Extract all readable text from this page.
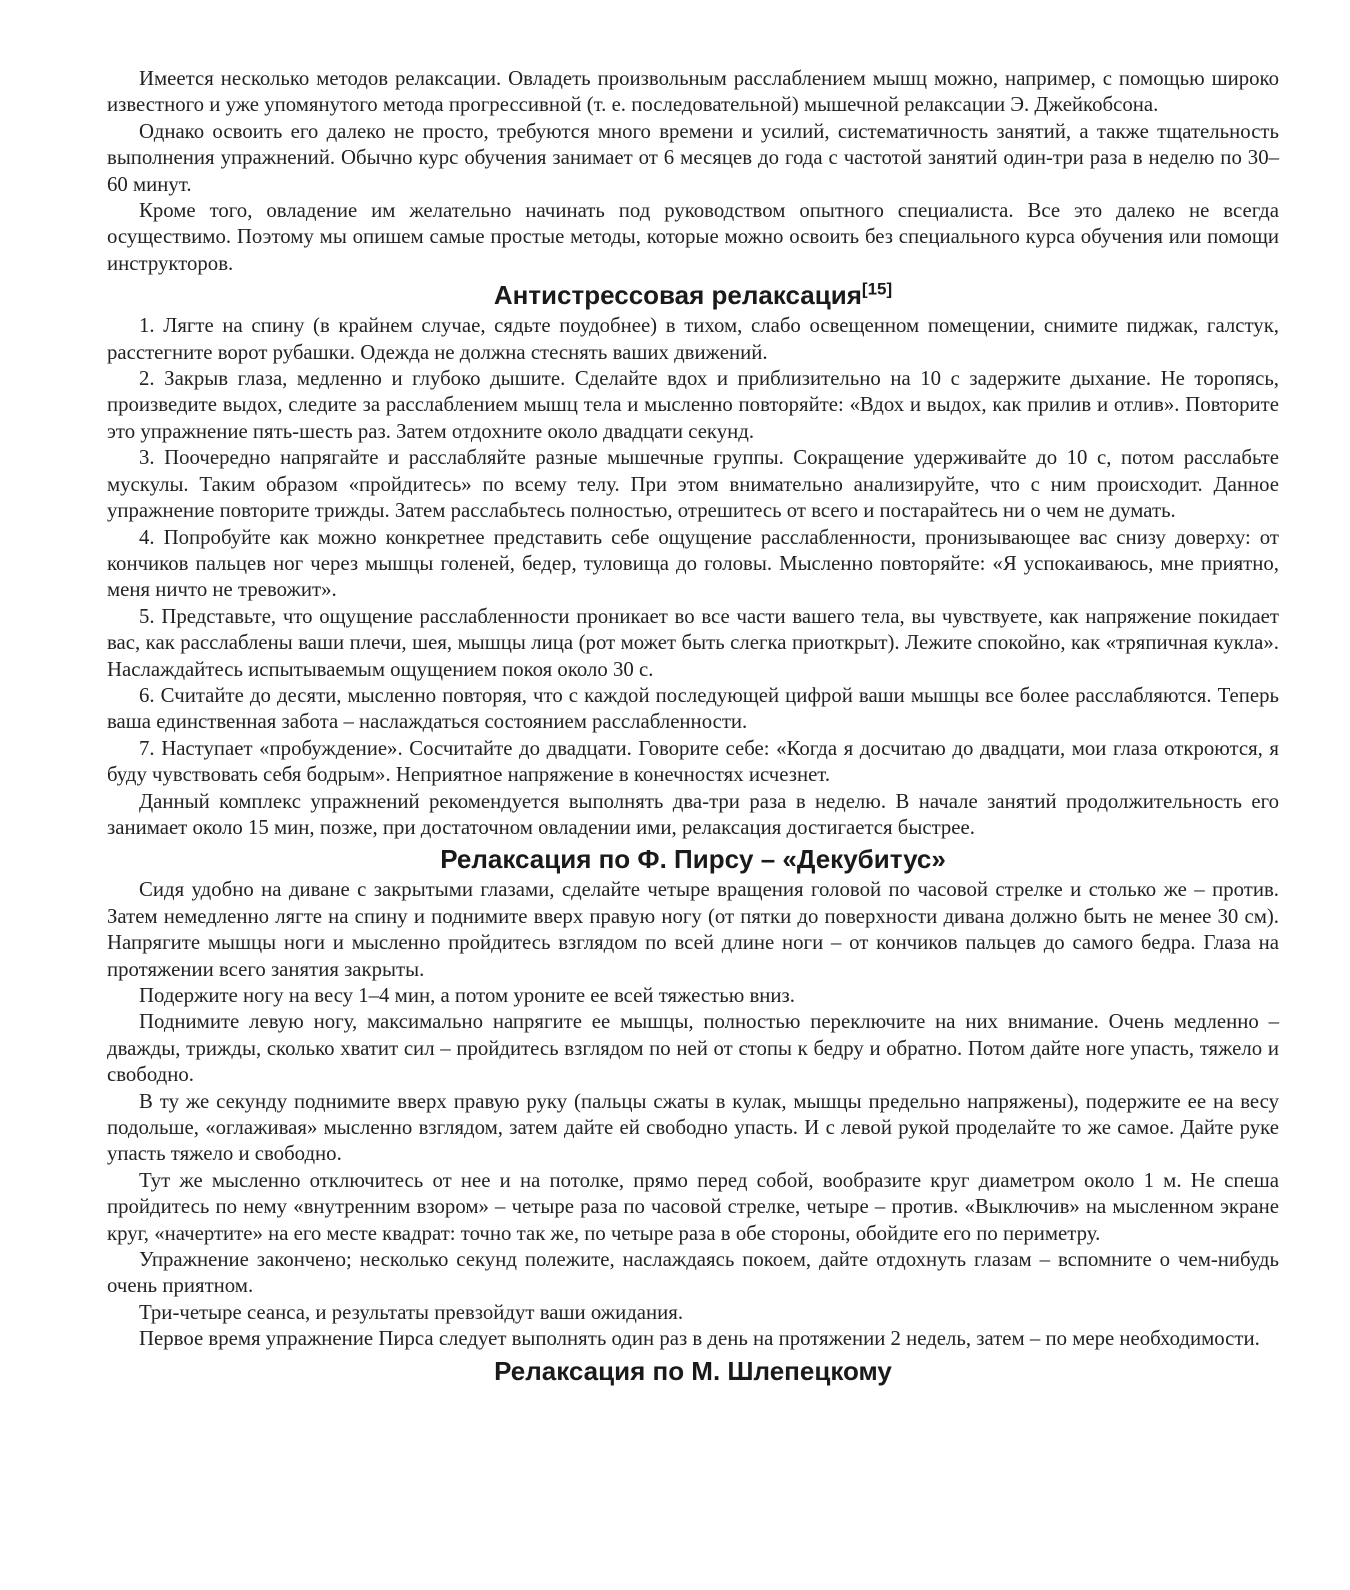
Имеется несколько методов релаксации. Овладеть произвольным расслаблением мышц можно, например, с помощью широко известного и уже упомянутого метода прогрессивной (т. е. последовательной) мышечной релаксации Э. Джейкобсона.

Однако освоить его далеко не просто, требуются много времени и усилий, систематичность занятий, а также тщательность выполнения упражнений. Обычно курс обучения занимает от 6 месяцев до года с частотой занятий один-три раза в неделю по 30–60 минут.

Кроме того, овладение им желательно начинать под руководством опытного специалиста. Все это далеко не всегда осуществимо. Поэтому мы опишем самые простые методы, которые можно освоить без специального курса обучения или помощи инструкторов.

Антистрессовая релаксация[15]

1. Лягте на спину (в крайнем случае, сядьте поудобнее) в тихом, слабо освещенном помещении, снимите пиджак, галстук, расстегните ворот рубашки. Одежда не должна стеснять ваших движений.

2. Закрыв глаза, медленно и глубоко дышите. Сделайте вдох и приблизительно на 10 с задержите дыхание. Не торопясь, произведите выдох, следите за расслаблением мышц тела и мысленно повторяйте: «Вдох и выдох, как прилив и отлив». Повторите это упражнение пять-шесть раз. Затем отдохните около двадцати секунд.

3. Поочередно напрягайте и расслабляйте разные мышечные группы. Сокращение удерживайте до 10 с, потом расслабьте мускулы. Таким образом «пройдитесь» по всему телу. При этом внимательно анализируйте, что с ним происходит. Данное упражнение повторите трижды. Затем расслабьтесь полностью, отрешитесь от всего и постарайтесь ни о чем не думать.

4. Попробуйте как можно конкретнее представить себе ощущение расслабленности, пронизывающее вас снизу доверху: от кончиков пальцев ног через мышцы голеней, бедер, туловища до головы. Мысленно повторяйте: «Я успокаиваюсь, мне приятно, меня ничто не тревожит».

5. Представьте, что ощущение расслабленности проникает во все части вашего тела, вы чувствуете, как напряжение покидает вас, как расслаблены ваши плечи, шея, мышцы лица (рот может быть слегка приоткрыт). Лежите спокойно, как «тряпичная кукла». Наслаждайтесь испытываемым ощущением покоя около 30 с.

6. Считайте до десяти, мысленно повторяя, что с каждой последующей цифрой ваши мышцы все более расслабляются. Теперь ваша единственная забота – наслаждаться состоянием расслабленности.

7. Наступает «пробуждение». Сосчитайте до двадцати. Говорите себе: «Когда я досчитаю до двадцати, мои глаза откроются, я буду чувствовать себя бодрым». Неприятное напряжение в конечностях исчезнет.

Данный комплекс упражнений рекомендуется выполнять два-три раза в неделю. В начале занятий продолжительность его занимает около 15 мин, позже, при достаточном овладении ими, релаксация достигается быстрее.

Релаксация по Ф. Пирсу – «Декубитус»

Сидя удобно на диване с закрытыми глазами, сделайте четыре вращения головой по часовой стрелке и столько же – против. Затем немедленно лягте на спину и поднимите вверх правую ногу (от пятки до поверхности дивана должно быть не менее 30 см). Напрягите мышцы ноги и мысленно пройдитесь взглядом по всей длине ноги – от кончиков пальцев до самого бедра. Глаза на протяжении всего занятия закрыты.

Подержите ногу на весу 1–4 мин, а потом уроните ее всей тяжестью вниз.

Поднимите левую ногу, максимально напрягите ее мышцы, полностью переключите на них внимание. Очень медленно – дважды, трижды, сколько хватит сил – пройдитесь взглядом по ней от стопы к бедру и обратно. Потом дайте ноге упасть, тяжело и свободно.

В ту же секунду поднимите вверх правую руку (пальцы сжаты в кулак, мышцы предельно напряжены), подержите ее на весу подольше, «оглаживая» мысленно взглядом, затем дайте ей свободно упасть. И с левой рукой проделайте то же самое. Дайте руке упасть тяжело и свободно.

Тут же мысленно отключитесь от нее и на потолке, прямо перед собой, вообразите круг диаметром около 1 м. Не спеша пройдитесь по нему «внутренним взором» – четыре раза по часовой стрелке, четыре – против. «Выключив» на мысленном экране круг, «начертите» на его месте квадрат: точно так же, по четыре раза в обе стороны, обойдите его по периметру.

Упражнение закончено; несколько секунд полежите, наслаждаясь покоем, дайте отдохнуть глазам – вспомните о чем-нибудь очень приятном.

Три-четыре сеанса, и результаты превзойдут ваши ожидания.

Первое время упражнение Пирса следует выполнять один раз в день на протяжении 2 недель, затем – по мере необходимости.

Релаксация по М. Шлепецкому
